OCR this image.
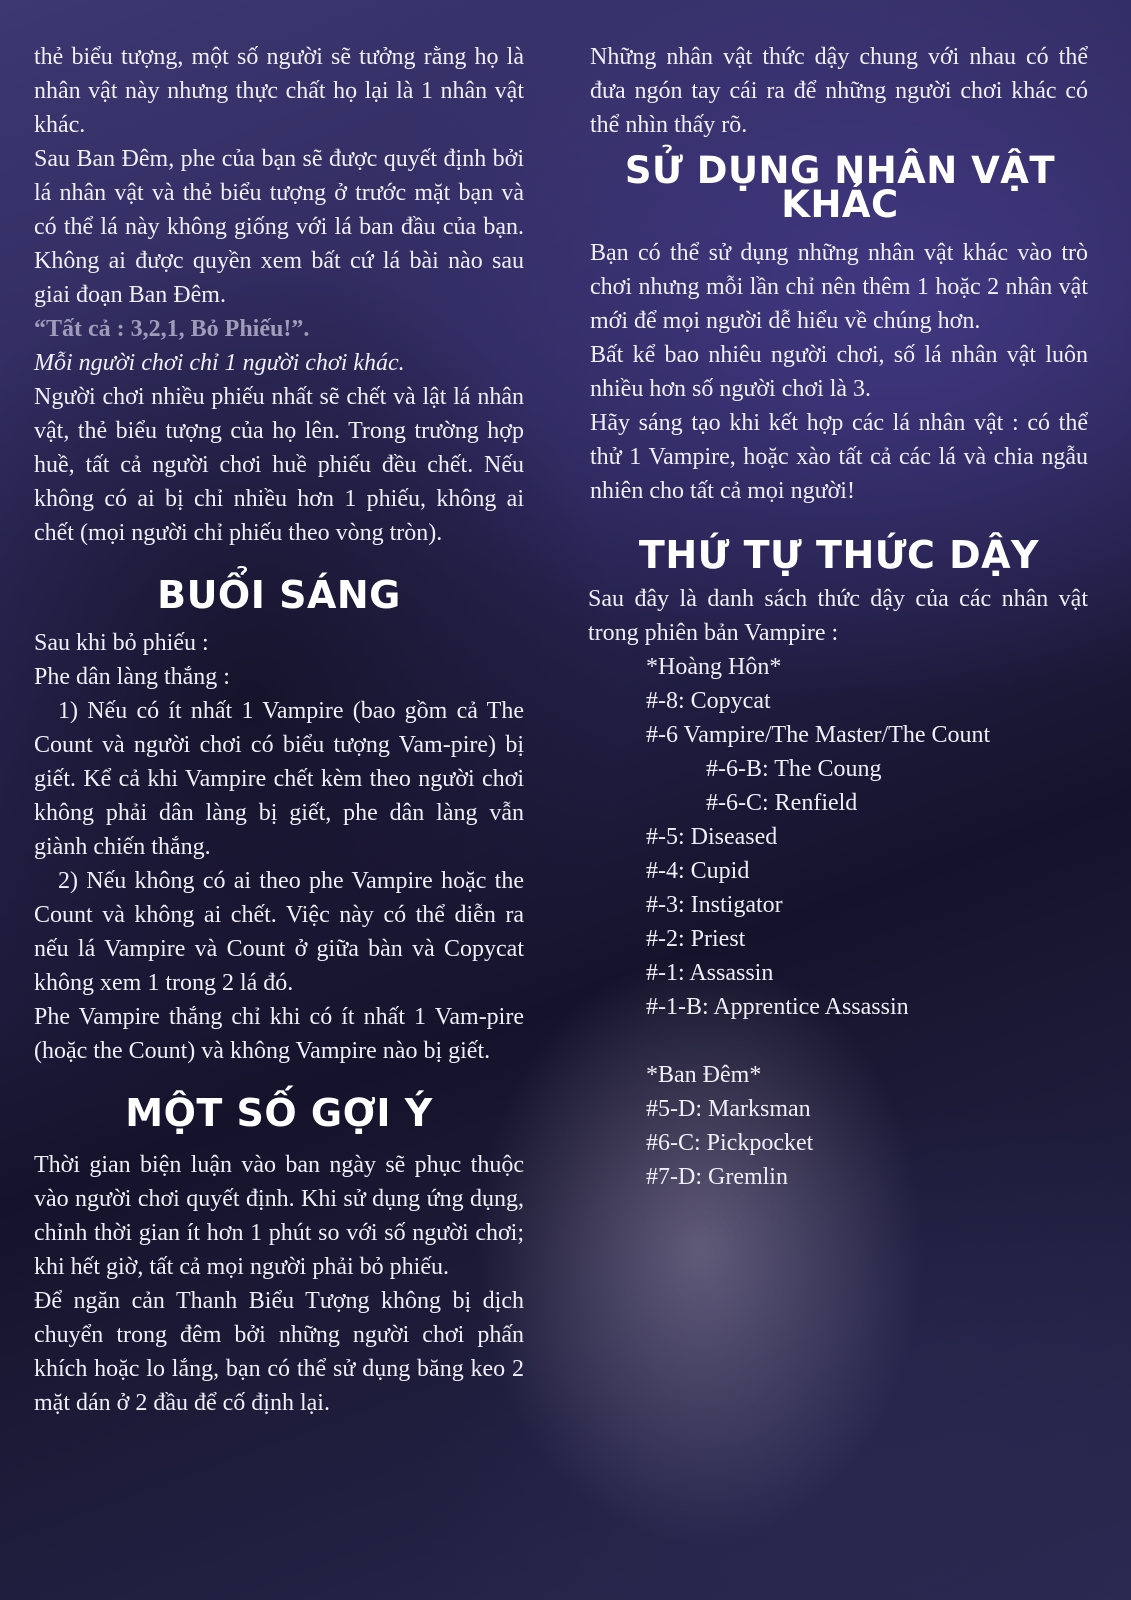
thẻ biểu tượng, một số người sẽ tưởng rằng họ là nhân vật này nhưng thực chất họ lại là 1 nhân vật khác.

Sau Ban Đêm, phe của bạn sẽ được quyết định bởi lá nhân vật và thẻ biểu tượng ở trước mặt bạn và có thể lá này không giống với lá ban đầu của bạn. Không ai được quyền xem bất cứ lá bài nào sau giai đoạn Ban Đêm.

“Tất cả : 3,2,1, Bỏ Phiếu!”.

Mỗi người chơi chỉ 1 người chơi khác.

Người chơi nhiều phiếu nhất sẽ chết và lật lá nhân vật, thẻ biểu tượng của họ lên. Trong trường hợp huề, tất cả người chơi huề phiếu đều chết. Nếu không có ai bị chỉ nhiều hơn 1 phiếu, không ai chết (mọi người chỉ phiếu theo vòng tròn).

BUỔI SÁNG

Sau khi bỏ phiếu :

Phe dân làng thắng :

1) Nếu có ít nhất 1 Vampire (bao gồm cả The Count và người chơi có biểu tượng Vam-pire) bị giết. Kể cả khi Vampire chết kèm theo người chơi không phải dân làng bị giết, phe dân làng vẫn giành chiến thắng.

2) Nếu không có ai theo phe Vampire hoặc the Count và không ai chết. Việc này có thể diễn ra nếu lá Vampire và Count ở giữa bàn và Copycat không xem 1 trong 2 lá đó.

Phe Vampire thắng chỉ khi có ít nhất 1 Vam-pire (hoặc the Count) và không Vampire nào bị giết.

MỘT SỐ GỢI Ý

Thời gian biện luận vào ban ngày sẽ phục thuộc vào người chơi quyết định. Khi sử dụng ứng dụng, chỉnh thời gian ít hơn 1 phút so với số người chơi; khi hết giờ, tất cả mọi người phải bỏ phiếu.

Để ngăn cản Thanh Biểu Tượng không bị dịch chuyển trong đêm bởi những người chơi phấn khích hoặc lo lắng, bạn có thể sử dụng băng keo 2 mặt dán ở 2 đầu để cố định lại.

Những nhân vật thức dậy chung với nhau có thể đưa ngón tay cái ra để những người chơi khác có thể nhìn thấy rõ.

SỬ DỤNG NHÂN VẬT KHÁC

Bạn có thể sử dụng những nhân vật khác vào trò chơi nhưng mỗi lần chỉ nên thêm 1 hoặc 2 nhân vật mới để mọi người dễ hiểu về chúng hơn.

Bất kể bao nhiêu người chơi, số lá nhân vật luôn nhiều hơn số người chơi là 3.

Hãy sáng tạo khi kết hợp các lá nhân vật : có thể thử 1 Vampire, hoặc xào tất cả các lá và chia ngẫu nhiên cho tất cả mọi người!

THỨ TỰ THỨC DẬY

Sau đây là danh sách thức dậy của các nhân vật trong phiên bản Vampire :

*Hoàng Hôn*
#-8: Copycat
#-6 Vampire/The Master/The Count
#-6-B: The Coung
#-6-C: Renfield
#-5: Diseased
#-4: Cupid
#-3: Instigator
#-2: Priest
#-1: Assassin
#-1-B: Apprentice Assassin
*Ban Đêm*
#5-D: Marksman
#6-C: Pickpocket
#7-D: Gremlin
